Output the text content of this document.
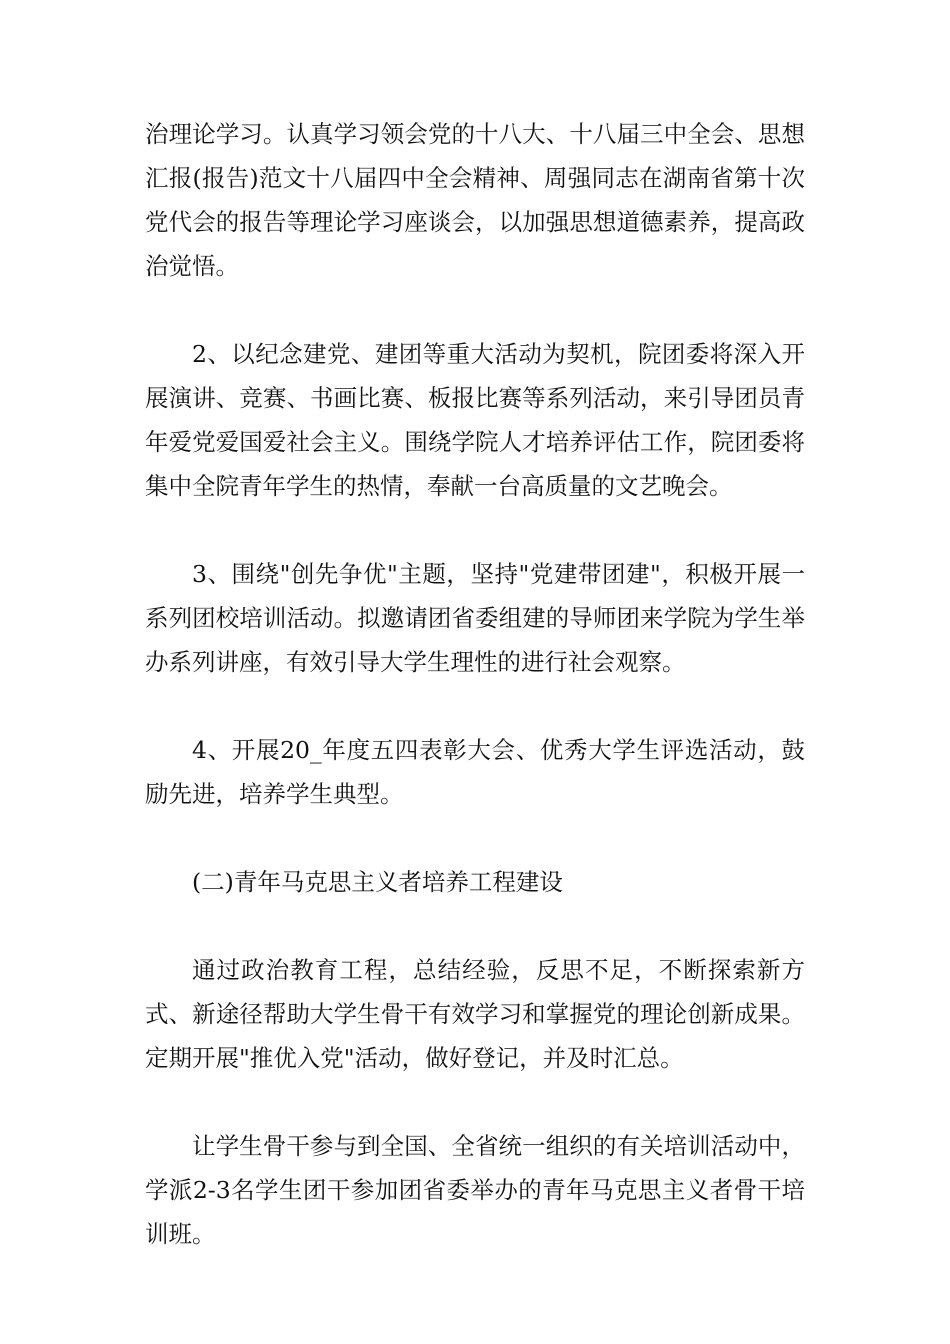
治理论学习。认真学习领会党的十八大、十八届三中全会、思想汇报(报告)范文十八届四中全会精神、周强同志在湖南省第十次党代会的报告等理论学习座谈会，以加强思想道德素养，提高政治觉悟。

2、以纪念建党、建团等重大活动为契机，院团委将深入开展演讲、竞赛、书画比赛、板报比赛等系列活动，来引导团员青年爱党爱国爱社会主义。围绕学院人才培养评估工作，院团委将集中全院青年学生的热情，奉献一台高质量的文艺晚会。

3、围绕"创先争优"主题，坚持"党建带团建"，积极开展一系列团校培训活动。拟邀请团省委组建的导师团来学院为学生举办系列讲座，有效引导大学生理性的进行社会观察。

4、开展20_年度五四表彰大会、优秀大学生评选活动，鼓励先进，培养学生典型。

(二)青年马克思主义者培养工程建设

通过政治教育工程，总结经验，反思不足，不断探索新方式、新途径帮助大学生骨干有效学习和掌握党的理论创新成果。定期开展"推优入党"活动，做好登记，并及时汇总。

让学生骨干参与到全国、全省统一组织的有关培训活动中，学派2-3名学生团干参加团省委举办的青年马克思主义者骨干培训班。
